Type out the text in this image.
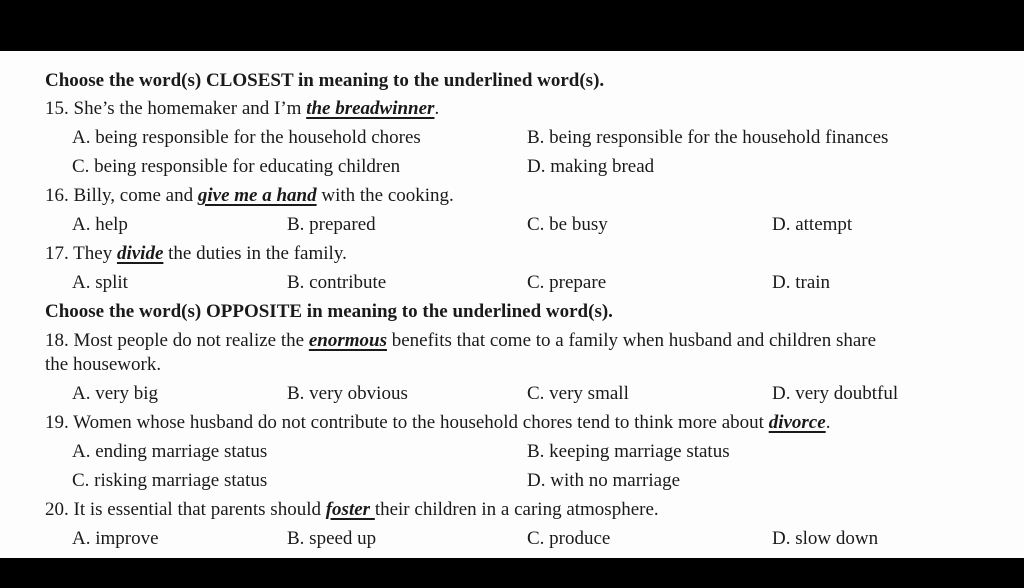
Choose the word(s) CLOSEST in meaning to the underlined word(s).
15. She’s the homemaker and I’m the breadwinner.
A. being responsible for the household chores	B. being responsible for the household finances
C. being responsible for educating children	D. making bread
16. Billy, come and give me a hand with the cooking.
A. help	B. prepared	C. be busy	D. attempt
17. They divide the duties in the family.
A. split	B. contribute	C. prepare	D. train
Choose the word(s) OPPOSITE in meaning to the underlined word(s).
18. Most people do not realize the enormous benefits that come to a family when husband and children share
the housework.
A. very big	B. very obvious	C. very small	D. very doubtful
19. Women whose husband do not contribute to the household chores tend to think more about divorce.
A. ending marriage status	B. keeping marriage status
C. risking marriage status	D. with no marriage
20. It is essential that parents should foster their children in a caring atmosphere.
A. improve	B. speed up	C. produce	D. slow down
